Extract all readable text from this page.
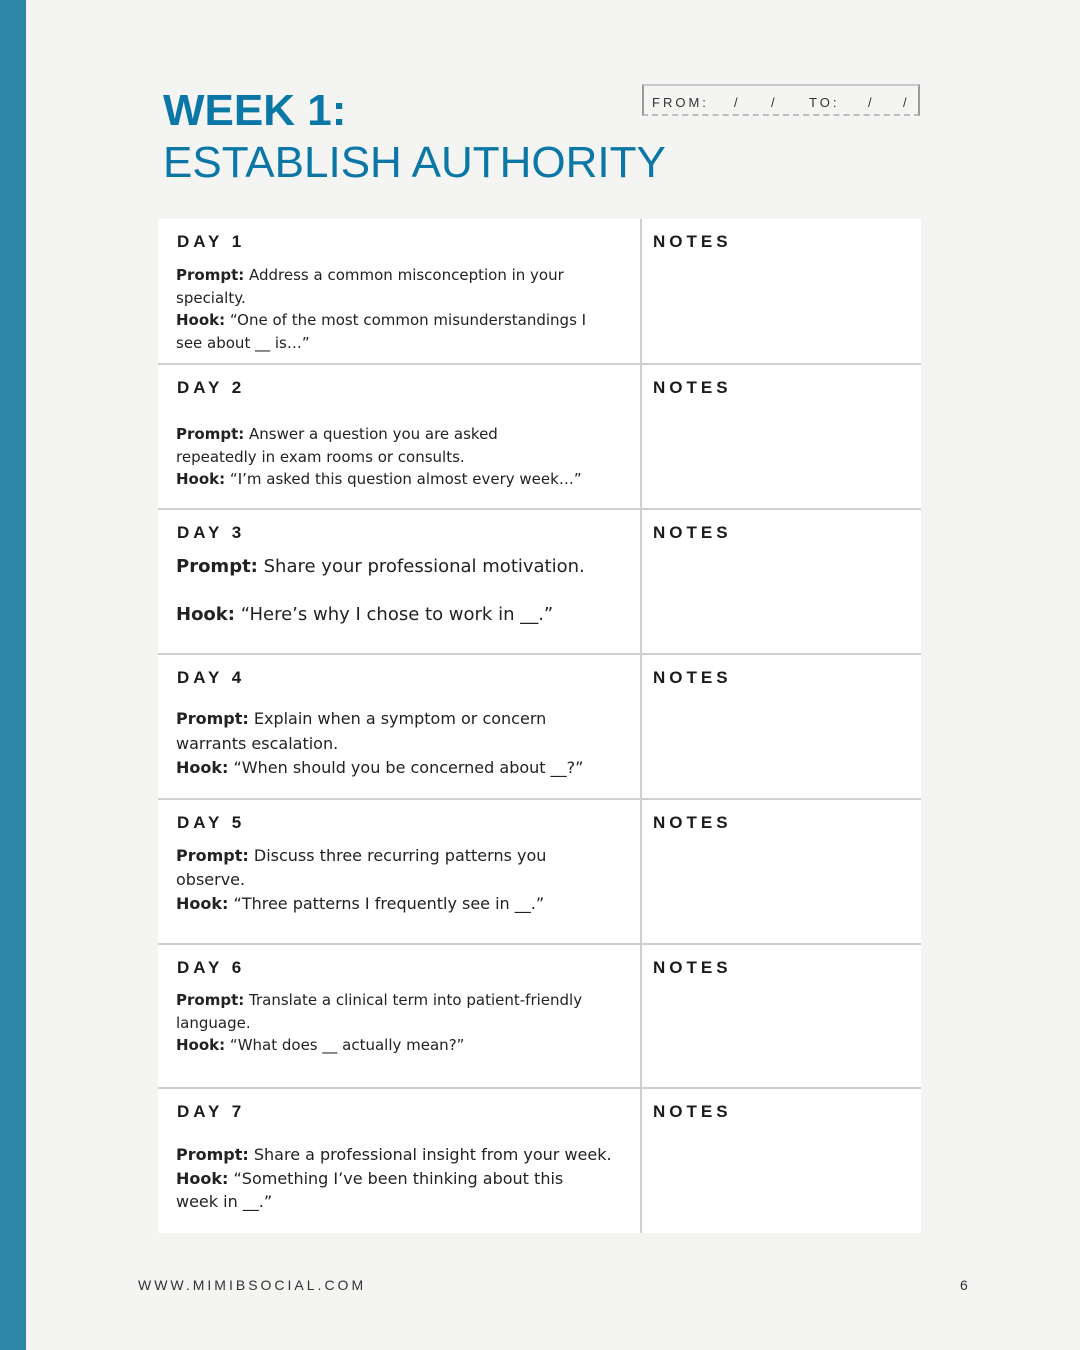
WEEK 1:
ESTABLISH AUTHORITY
FROM: / / TO: / /
DAY 1	NOTES

Prompt: Address a common misconception in your specialty.

Hook: “One of the most common misunderstandings I see about __ is…”

DAY 2	NOTES

Prompt: Answer a question you are asked repeatedly in exam rooms or consults.

Hook: “I’m asked this question almost every week…”

DAY 3	NOTES

Prompt: Share your professional motivation.

Hook: “Here’s why I chose to work in __.”

DAY 4	NOTES

Prompt: Explain when a symptom or concern warrants escalation.

Hook: “When should you be concerned about __?”

DAY 5	NOTES

Prompt: Discuss three recurring patterns you observe.

Hook: “Three patterns I frequently see in __.”

DAY 6	NOTES

Prompt: Translate a clinical term into patient-friendly language.

Hook: “What does __ actually mean?”

DAY 7	NOTES

Prompt: Share a professional insight from your week.

Hook: “Something I’ve been thinking about this week in __.”

WWW.MIMIBSOCIAL.COM	6
